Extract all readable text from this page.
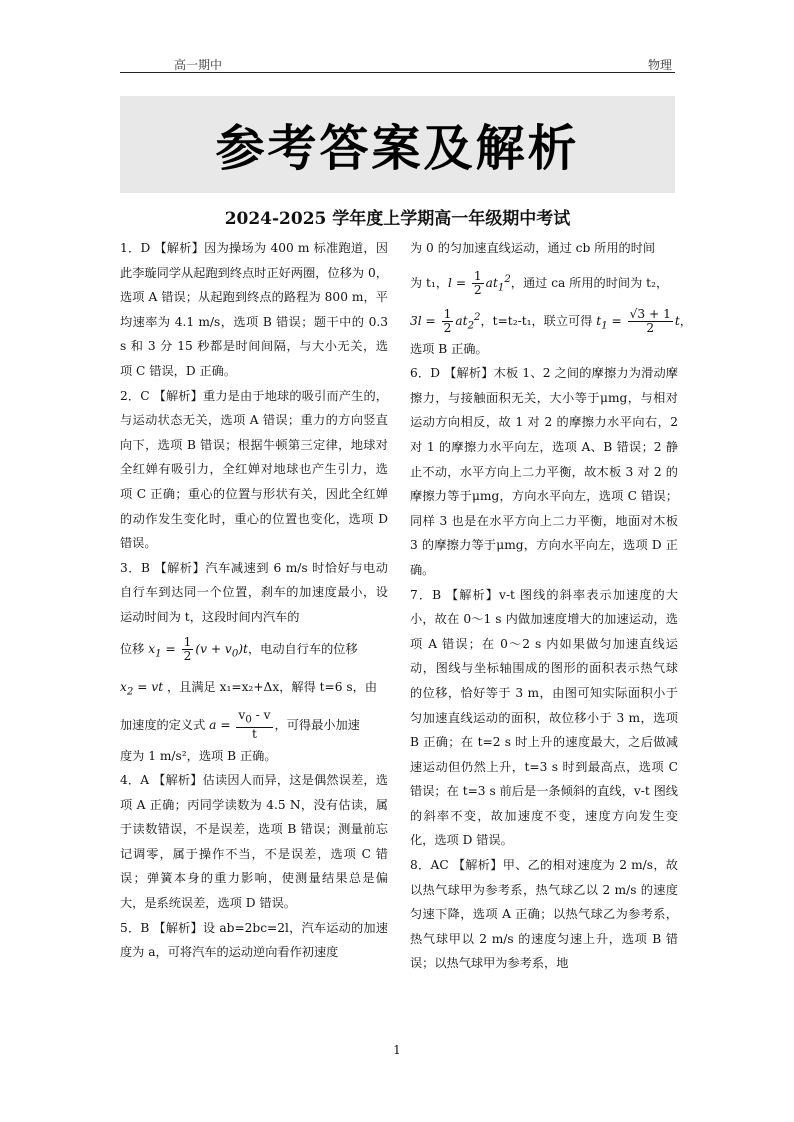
高一期中	物理
参考答案及解析
2024-2025 学年度上学期高一年级期中考试

1．D 【解析】因为操场为 400 m 标准跑道，因此李璇同学从起跑到终点时正好两圈，位移为 0，选项 A 错误；从起跑到终点的路程为 800 m，平均速率为 4.1 m/s，选项 B 错误；题干中的 0.3 s 和 3 分 15 秒都是时间间隔，与大小无关，选项 C 错误，D 正确。

2．C 【解析】重力是由于地球的吸引而产生的，与运动状态无关，选项 A 错误；重力的方向竖直向下，选项 B 错误；根据牛顿第三定律，地球对全红婵有吸引力，全红婵对地球也产生引力，选项 C 正确；重心的位置与形状有关，因此全红婵的动作发生变化时，重心的位置也变化，选项 D 错误。

3．B 【解析】汽车减速到 6 m/s 时恰好与电动自行车到达同一个位置，刹车的加速度最小，设运动时间为 t，这段时间内汽车的

位移 $x_1 = \frac{1}{2} (v + v_0)t$，电动自行车的位移

$x_2$ = vt ，且满足 x₁=x₂+Δx，解得 t=6 s，由

加速度的定义式 $a = \frac{v_0 - v}{t}$ ，可得最小加速

度为 1 m/s²，选项 B 正确。

4．A 【解析】估读因人而异，这是偶然误差，选项 A 正确；丙同学读数为 4.5 N，没有估读，属于读数错误，不是误差，选项 B 错误；测量前忘记调零，属于操作不当，不是误差，选项 C 错误；弹簧本身的重力影响，使测量结果总是偏大，是系统误差，选项 D 错误。

5．B 【解析】设 ab=2bc=2l，汽车运动的加速度为 a，可将汽车的运动逆向看作初速度

为 0 的匀加速直线运动，通过 cb 所用的时间

为 t₁，$l = \frac{1}{2} at_1^2$，通过 ca 所用的时间为 t₂，

$3l = \frac{1}{2} at_2^2$，t=t₂-t₁，联立可得 $t_1 = \frac{√3 + 1}{2}$ t，

选项 B 正确。

6．D 【解析】木板 1、2 之间的摩擦力为滑动摩擦力，与接触面积无关，大小等于μmg，与相对运动方向相反，故 1 对 2 的摩擦力水平向右，2 对 1 的摩擦力水平向左，选项 A、B 错误；2 静止不动，水平方向上二力平衡，故木板 3 对 2 的摩擦力等于μmg，方向水平向左，选项 C 错误；同样 3 也是在水平方向上二力平衡，地面对木板 3 的摩擦力等于μmg，方向水平向左，选项 D 正确。

7．B 【解析】v-t 图线的斜率表示加速度的大小，故在 0～1 s 内做加速度增大的加速运动，选项 A 错误；在 0～2 s 内如果做匀加速直线运动，图线与坐标轴围成的图形的面积表示热气球的位移，恰好等于 3 m，由图可知实际面积小于匀加速直线运动的面积，故位移小于 3 m，选项 B 正确；在 t=2 s 时上升的速度最大，之后做减速运动但仍然上升，t=3 s 时到最高点，选项 C 错误；在 t=3 s 前后是一条倾斜的直线，v-t 图线的斜率不变，故加速度不变，速度方向发生变化，选项 D 错误。

8．AC 【解析】甲、乙的相对速度为 2 m/s，故以热气球甲为参考系，热气球乙以 2 m/s 的速度匀速下降，选项 A 正确；以热气球乙为参考系，热气球甲以 2 m/s 的速度匀速上升，选项 B 错误；以热气球甲为参考系，地

1
